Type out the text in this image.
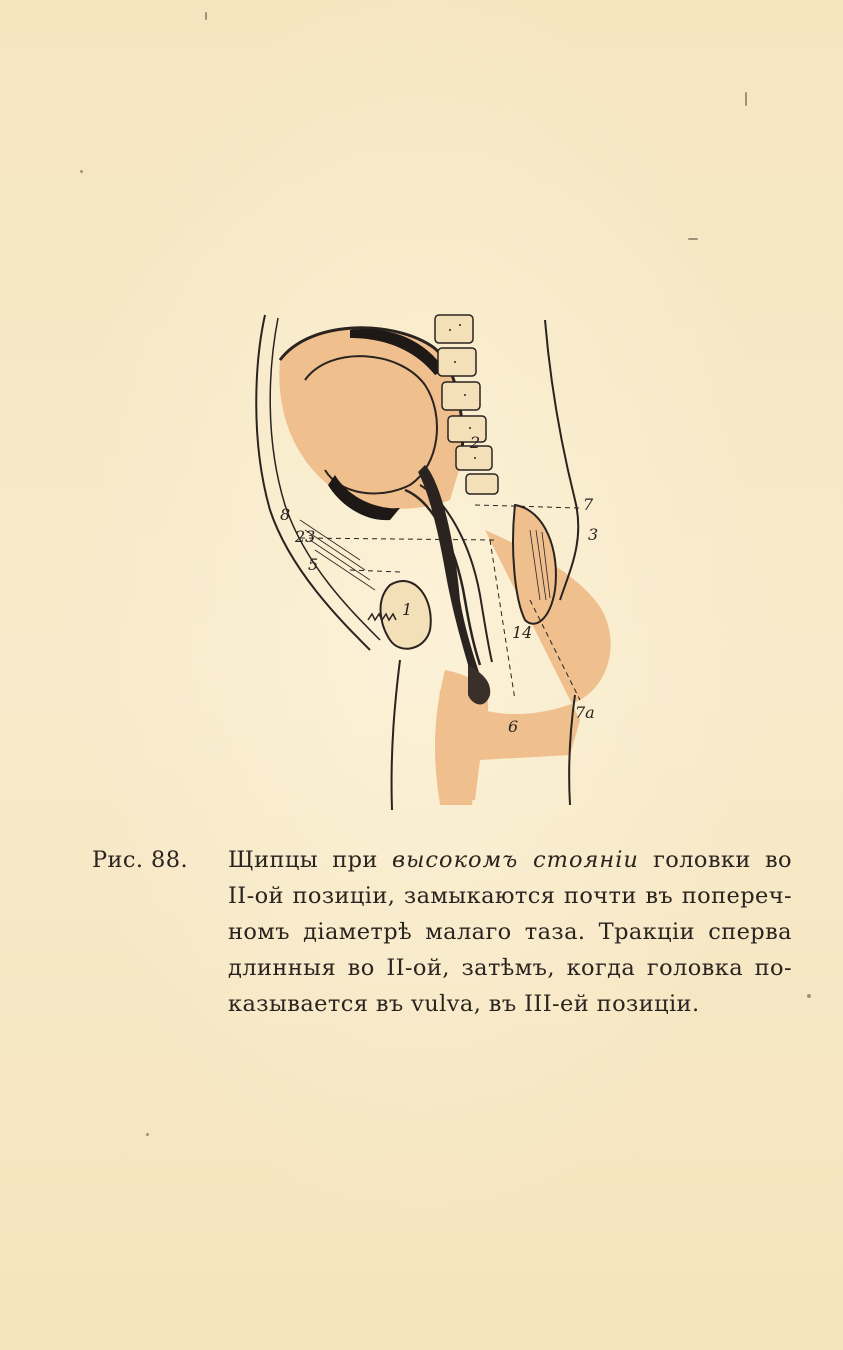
2
3
7
8
23
5
1
14
6
7a
Рис. 88.	Щипцы при высокомъ стояніи головки во
II-ой позиціи, замыкаются почти въ попереч-
номъ діаметрѣ малаго таза. Тракціи сперва
длинныя во II-ой, затѣмъ, когда головка по-
казывается въ vulva, въ III-ей позиціи.
